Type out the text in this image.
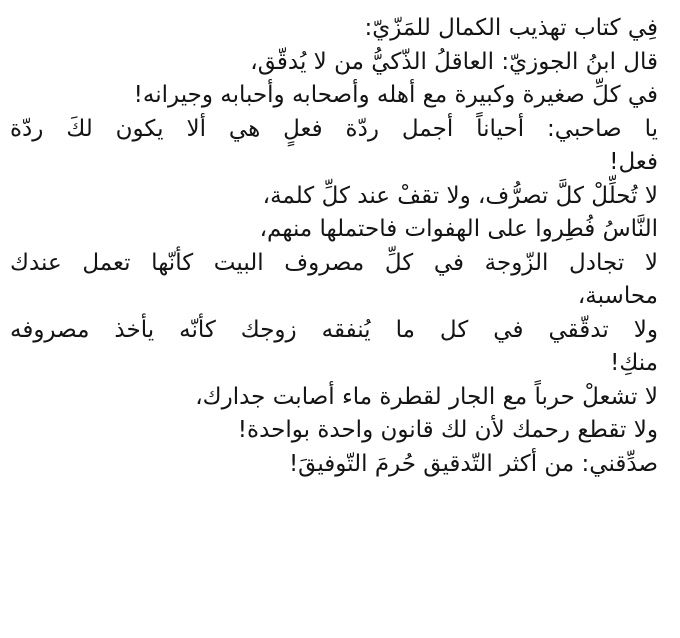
فِي كتاب تهذيب الكمال للمَزّيّ:
قال ابنُ الجوزيّ: العاقلُ الذّكيُّ من لا يُدقّق،
في كلِّ صغيرة وكبيرة مع أهله وأصحابه وأحبابه وجيرانه!
يا صاحبي: أحياناً أجمل ردّة فعلٍ هي ألا يكون لكَ ردّة
فعل!
لا تُحلِّلْ كلَّ تصرُّف، ولا تقفْ عند كلِّ كلمة،
النَّاسُ فُطِروا على الهفوات فاحتملها منهم،
لا تجادل الزّوجة في كلِّ مصروف البيت كأنّها تعمل عندك
محاسبة،
ولا تدقّقي في كل ما يُنفقه زوجك كأنّه يأخذ مصروفه
منكِ!
لا تشعلْ حرباً مع الجار لقطرة ماء أصابت جدارك،
ولا تقطع رحمك لأن لك قانون واحدة بواحدة!
صدِّقني: من أكثر التّدقيق حُرمَ التّوفيقَ!
